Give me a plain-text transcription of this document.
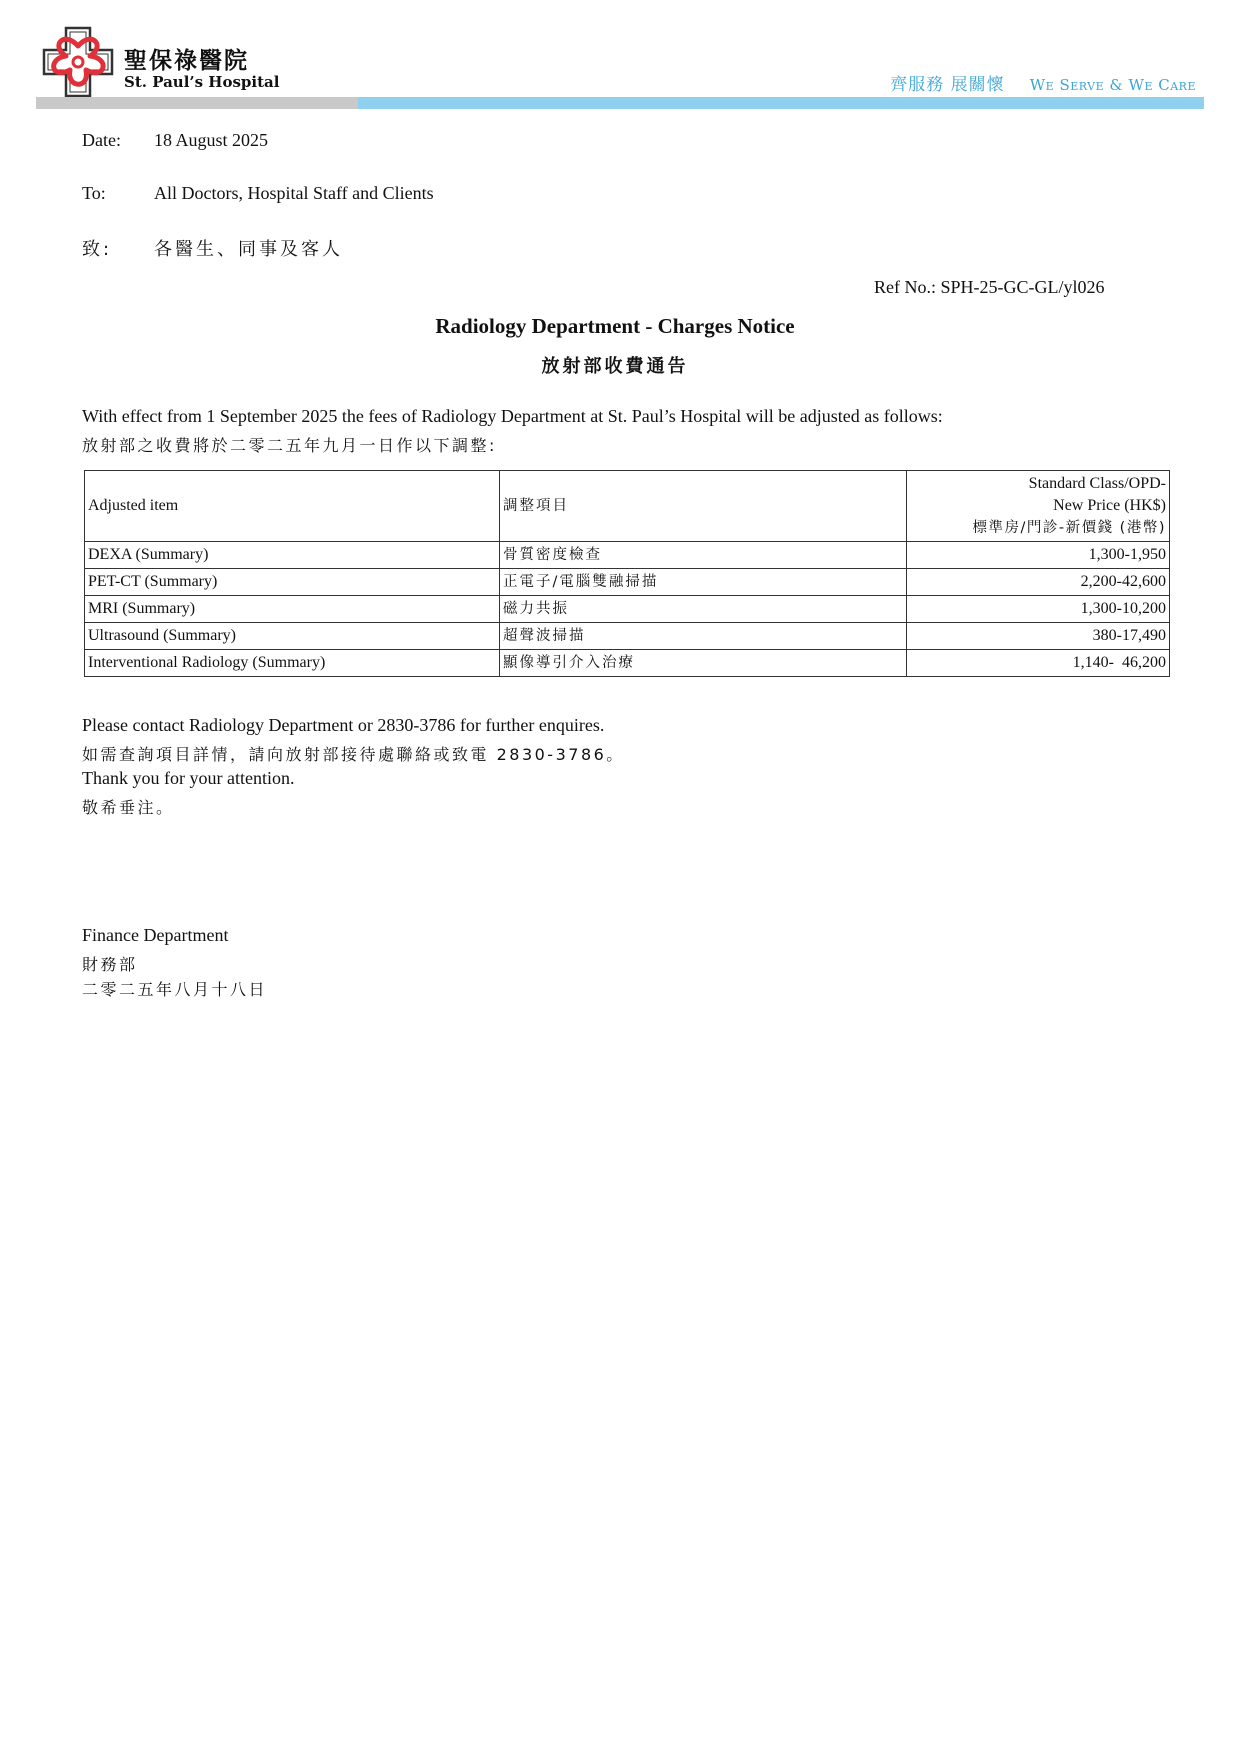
聖保祿醫院
St. Paul’s Hospital	齊服務 展關懷 We Serve & We Care
Date: 18 August 2025
To:	All Doctors, Hospital Staff and Clients
致: 各醫生、同事及客人
Ref No.: SPH-25-GC-GL/yl026
Radiology Department - Charges Notice
放射部收費通告
With effect from 1 September 2025 the fees of Radiology Department at St. Paul’s Hospital will be adjusted as follows:
放射部之收費將於二零二五年九月一日作以下調整:
Adjusted item	調整項目	Standard Class/OPD-
New Price (HK$)
標準房/門診-新價錢 (港幣)

DEXA (Summary)	骨質密度檢查	1,300-1,950
PET-CT (Summary)	正電子/電腦雙融掃描	2,200-42,600
MRI (Summary)	磁力共振	1,300-10,200
Ultrasound (Summary)	超聲波掃描	380-17,490
Interventional Radiology (Summary)	顯像導引介入治療	1,140-  46,200
Please contact Radiology Department or 2830-3786 for further enquires.
如需查詢項目詳情，請向放射部接待處聯絡或致電 2830-3786。
Thank you for your attention.
敬希垂注。
Finance Department
財務部
二零二五年八月十八日
